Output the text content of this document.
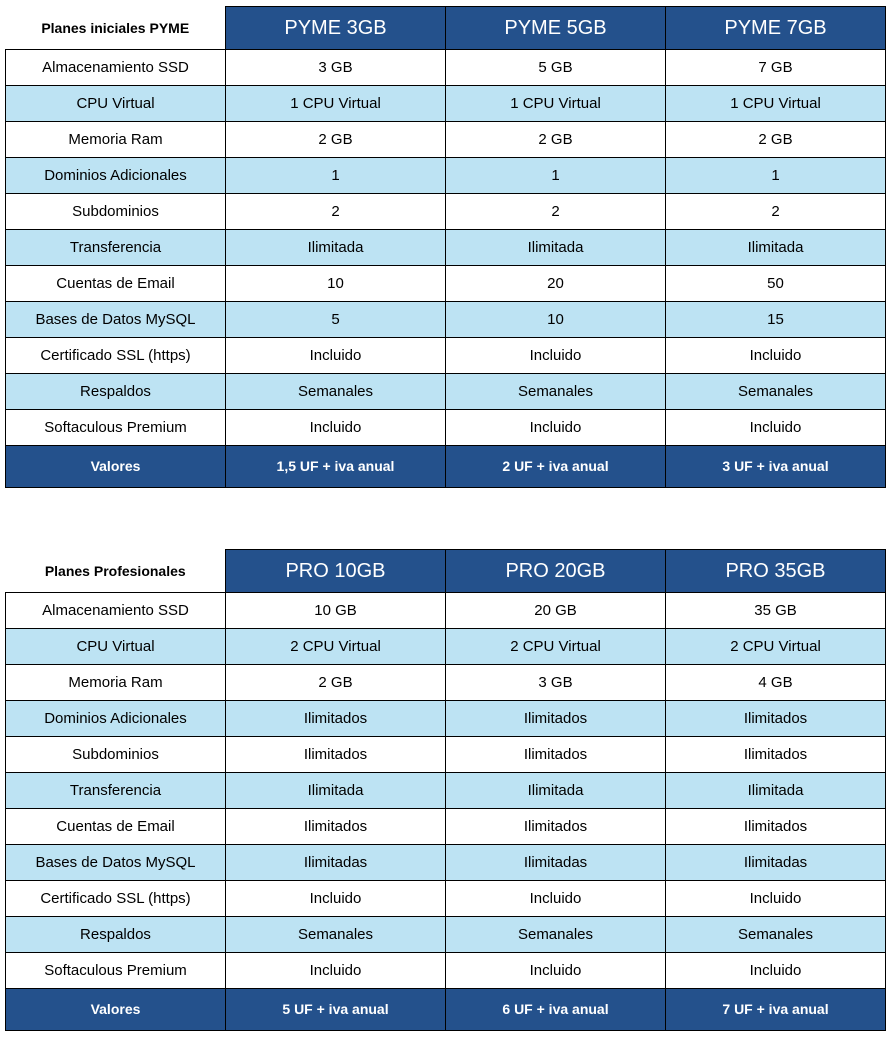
Planes iniciales PYME	PYME 3GB	PYME 5GB	PYME 7GB
Almacenamiento SSD	3 GB	5 GB	7 GB
CPU Virtual	1 CPU Virtual	1 CPU Virtual	1 CPU Virtual
Memoria Ram	2 GB	2 GB	2 GB
Dominios Adicionales	1	1	1
Subdominios	2	2	2
Transferencia	Ilimitada	Ilimitada	Ilimitada
Cuentas de Email	10	20	50
Bases de Datos MySQL	5	10	15
Certificado SSL (https)	Incluido	Incluido	Incluido
Respaldos	Semanales	Semanales	Semanales
Softaculous Premium	Incluido	Incluido	Incluido
Valores	1,5 UF + iva anual	2 UF + iva anual	3 UF + iva anual
Planes Profesionales	PRO 10GB	PRO 20GB	PRO 35GB
Almacenamiento SSD	10 GB	20 GB	35 GB
CPU Virtual	2 CPU Virtual	2 CPU Virtual	2 CPU Virtual
Memoria Ram	2 GB	3 GB	4 GB
Dominios Adicionales	Ilimitados	Ilimitados	Ilimitados
Subdominios	Ilimitados	Ilimitados	Ilimitados
Transferencia	Ilimitada	Ilimitada	Ilimitada
Cuentas de Email	Ilimitados	Ilimitados	Ilimitados
Bases de Datos MySQL	Ilimitadas	Ilimitadas	Ilimitadas
Certificado SSL (https)	Incluido	Incluido	Incluido
Respaldos	Semanales	Semanales	Semanales
Softaculous Premium	Incluido	Incluido	Incluido
Valores	5 UF + iva anual	6 UF + iva anual	7 UF + iva anual
